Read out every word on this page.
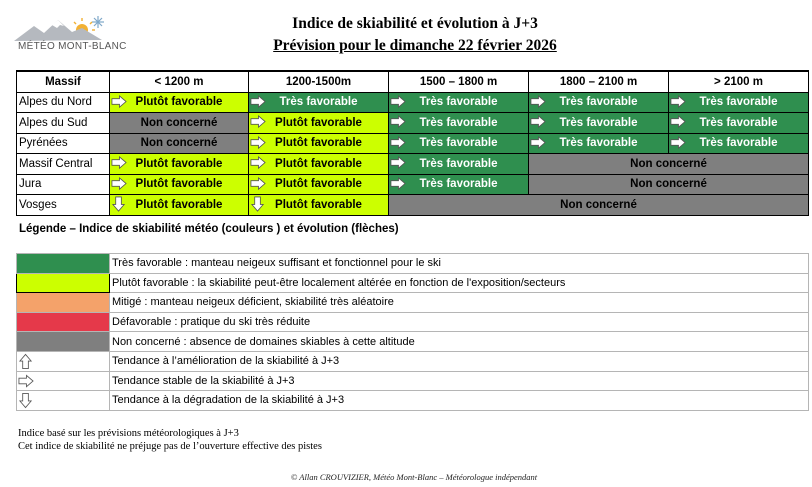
MÉTÉO MONT-BLANC
Indice de skiabilité et évolution à J+3
Prévision pour le dimanche 22 février 2026
Massif	< 1200 m	1200-1500m	1500 – 1800 m	1800 – 2100 m	> 2100 m
Alpes du Nord	Plutôt favorable	Très favorable	Très favorable	Très favorable	Très favorable
Alpes du Sud	Non concerné	Plutôt favorable	Très favorable	Très favorable	Très favorable
Pyrénées	Non concerné	Plutôt favorable	Très favorable	Très favorable	Très favorable
Massif Central	Plutôt favorable	Plutôt favorable	Très favorable	Non concerné	
Jura	Plutôt favorable	Plutôt favorable	Très favorable	Non concerné	
Vosges	Plutôt favorable	Plutôt favorable	Non concerné		
Légende – Indice de skiabilité météo (couleurs ) et évolution (flèches)
	Très favorable : manteau neigeux suffisant et fonctionnel pour le ski
	Plutôt favorable : la skiabilité peut-être localement altérée en fonction de l'exposition/secteurs
	Mitigé : manteau neigeux déficient, skiabilité très aléatoire
	Défavorable : pratique du ski très réduite
	Non concerné : absence de domaines skiables à cette altitude

	Tendance à l’amélioration de la skiabilité à J+3

	Tendance stable de la skiabilité à J+3

	Tendance à la dégradation de la skiabilité à J+3
Indice basé sur les prévisions météorologiques à J+3
Cet indice de skiabilité ne préjuge pas de l’ouverture effective des pistes
© Allan CROUVIZIER, Météo Mont-Blanc – Météorologue indépendant
